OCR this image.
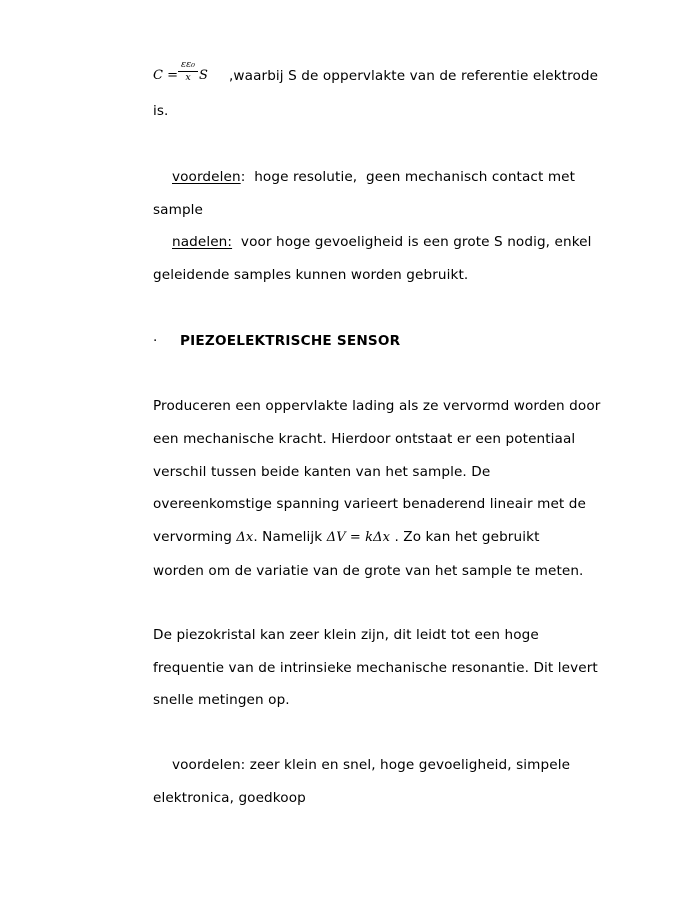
C =
εε₀
x S ,waarbij S de oppervlakte van de referentie elektrode
is.
voordelen:  hoge resolutie,  geen mechanisch contact met
sample
nadelen:  voor hoge gevoeligheid is een grote S nodig, enkel
geleidende samples kunnen worden gebruikt.
· PIEZOELEKTRISCHE SENSOR
Produceren een oppervlakte lading als ze vervormd worden door
een mechanische kracht. Hierdoor ontstaat er een potentiaal
verschil tussen beide kanten van het sample. De
overeenkomstige spanning varieert benaderend lineair met de
vervorming Δx. Namelijk ΔV = kΔx . Zo kan het gebruikt
worden om de variatie van de grote van het sample te meten.
De piezokristal kan zeer klein zijn, dit leidt tot een hoge
frequentie van de intrinsieke mechanische resonantie. Dit levert
snelle metingen op.
voordelen: zeer klein en snel, hoge gevoeligheid, simpele
elektronica, goedkoop
